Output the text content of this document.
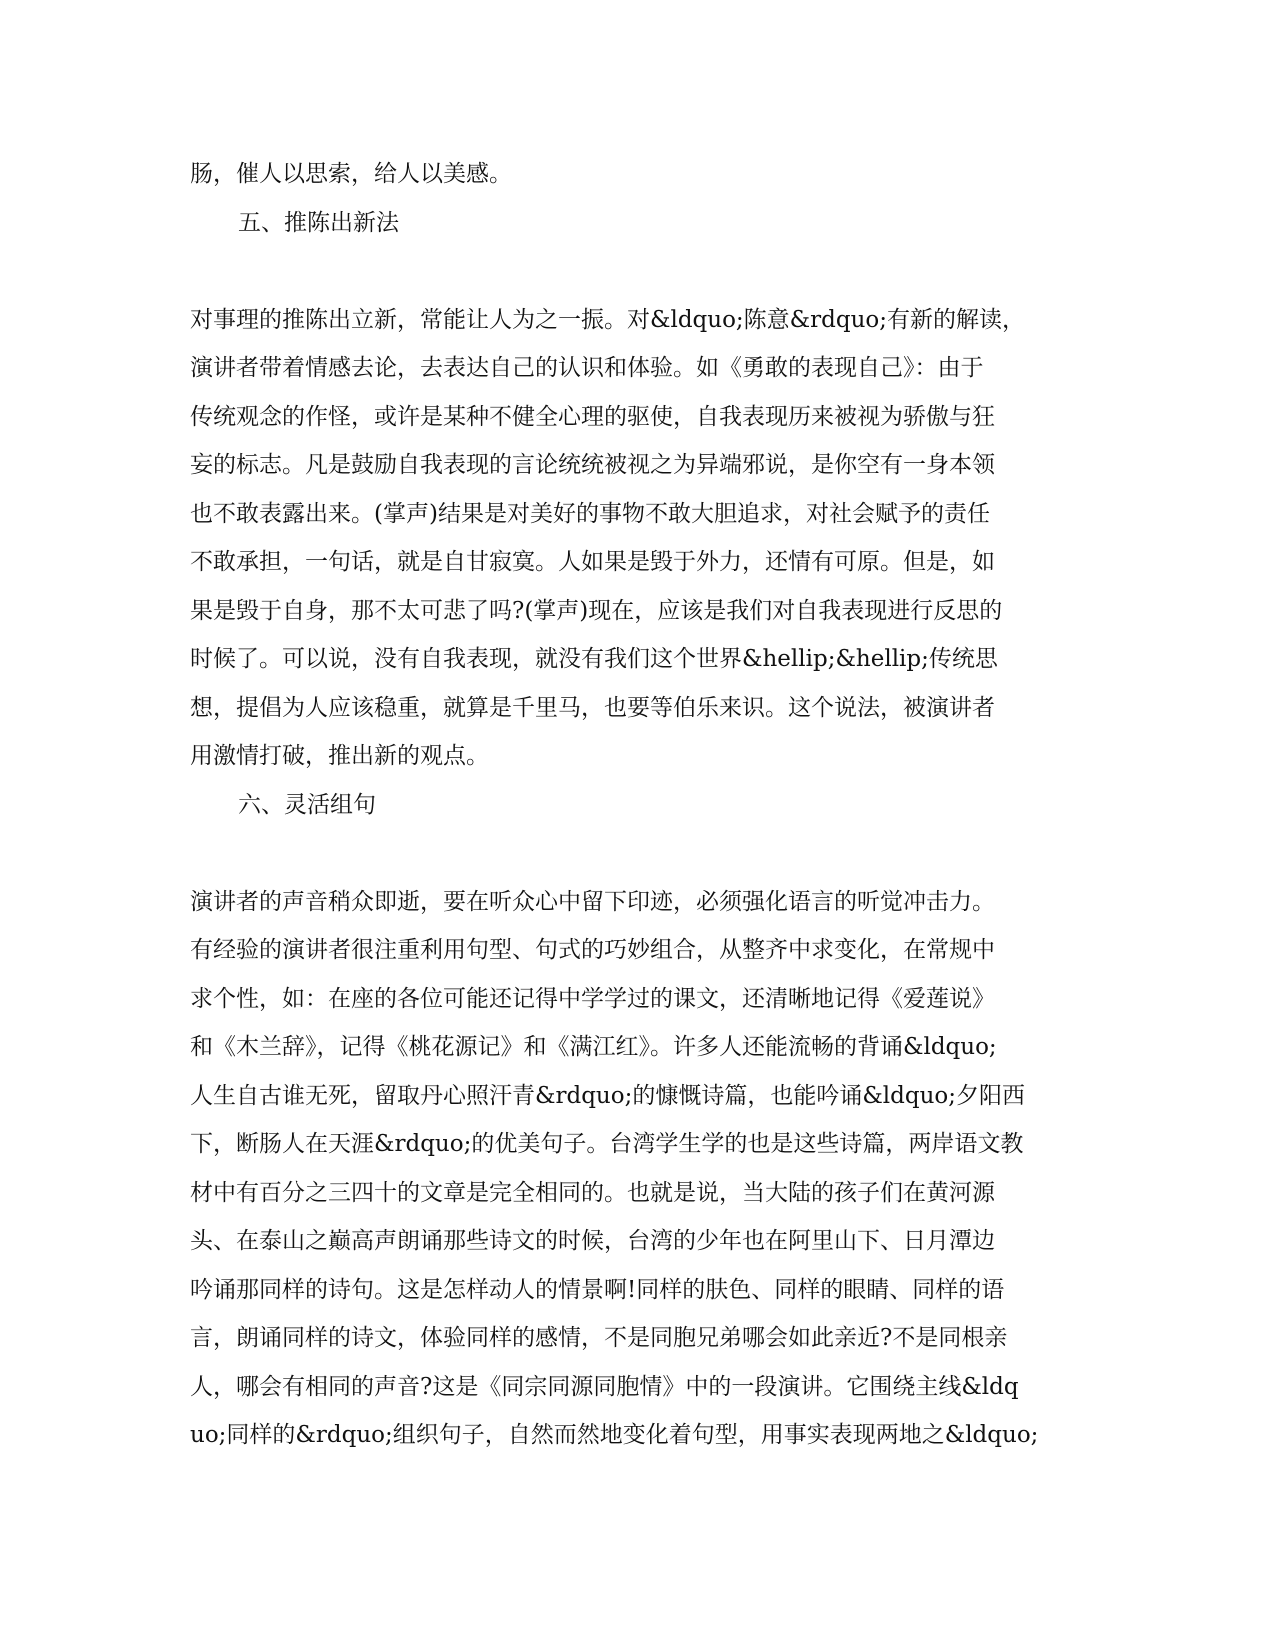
肠，催人以思索，给人以美感。
五、推陈出新法
对事理的推陈出立新，常能让人为之一振。对&ldquo;陈意&rdquo;有新的解读，
演讲者带着情感去论，去表达自己的认识和体验。如《勇敢的表现自己》：由于
传统观念的作怪，或许是某种不健全心理的驱使，自我表现历来被视为骄傲与狂
妄的标志。凡是鼓励自我表现的言论统统被视之为异端邪说，是你空有一身本领
也不敢表露出来。(掌声)结果是对美好的事物不敢大胆追求，对社会赋予的责任
不敢承担，一句话，就是自甘寂寞。人如果是毁于外力，还情有可原。但是，如
果是毁于自身，那不太可悲了吗?(掌声)现在，应该是我们对自我表现进行反思的
时候了。可以说，没有自我表现，就没有我们这个世界&hellip;&hellip;传统思
想，提倡为人应该稳重，就算是千里马，也要等伯乐来识。这个说法，被演讲者
用激情打破，推出新的观点。
六、灵活组句
演讲者的声音稍众即逝，要在听众心中留下印迹，必须强化语言的听觉冲击力。
有经验的演讲者很注重利用句型、句式的巧妙组合，从整齐中求变化，在常规中
求个性，如：在座的各位可能还记得中学学过的课文，还清晰地记得《爱莲说》
和《木兰辞》，记得《桃花源记》和《满江红》。许多人还能流畅的背诵&ldquo;
人生自古谁无死，留取丹心照汗青&rdquo;的慷慨诗篇，也能吟诵&ldquo;夕阳西
下，断肠人在天涯&rdquo;的优美句子。台湾学生学的也是这些诗篇，两岸语文教
材中有百分之三四十的文章是完全相同的。也就是说，当大陆的孩子们在黄河源
头、在泰山之巅高声朗诵那些诗文的时候，台湾的少年也在阿里山下、日月潭边
吟诵那同样的诗句。这是怎样动人的情景啊!同样的肤色、同样的眼睛、同样的语
言，朗诵同样的诗文，体验同样的感情，不是同胞兄弟哪会如此亲近?不是同根亲
人，哪会有相同的声音?这是《同宗同源同胞情》中的一段演讲。它围绕主线&ldq
uo;同样的&rdquo;组织句子，自然而然地变化着句型，用事实表现两地之&ldquo;
